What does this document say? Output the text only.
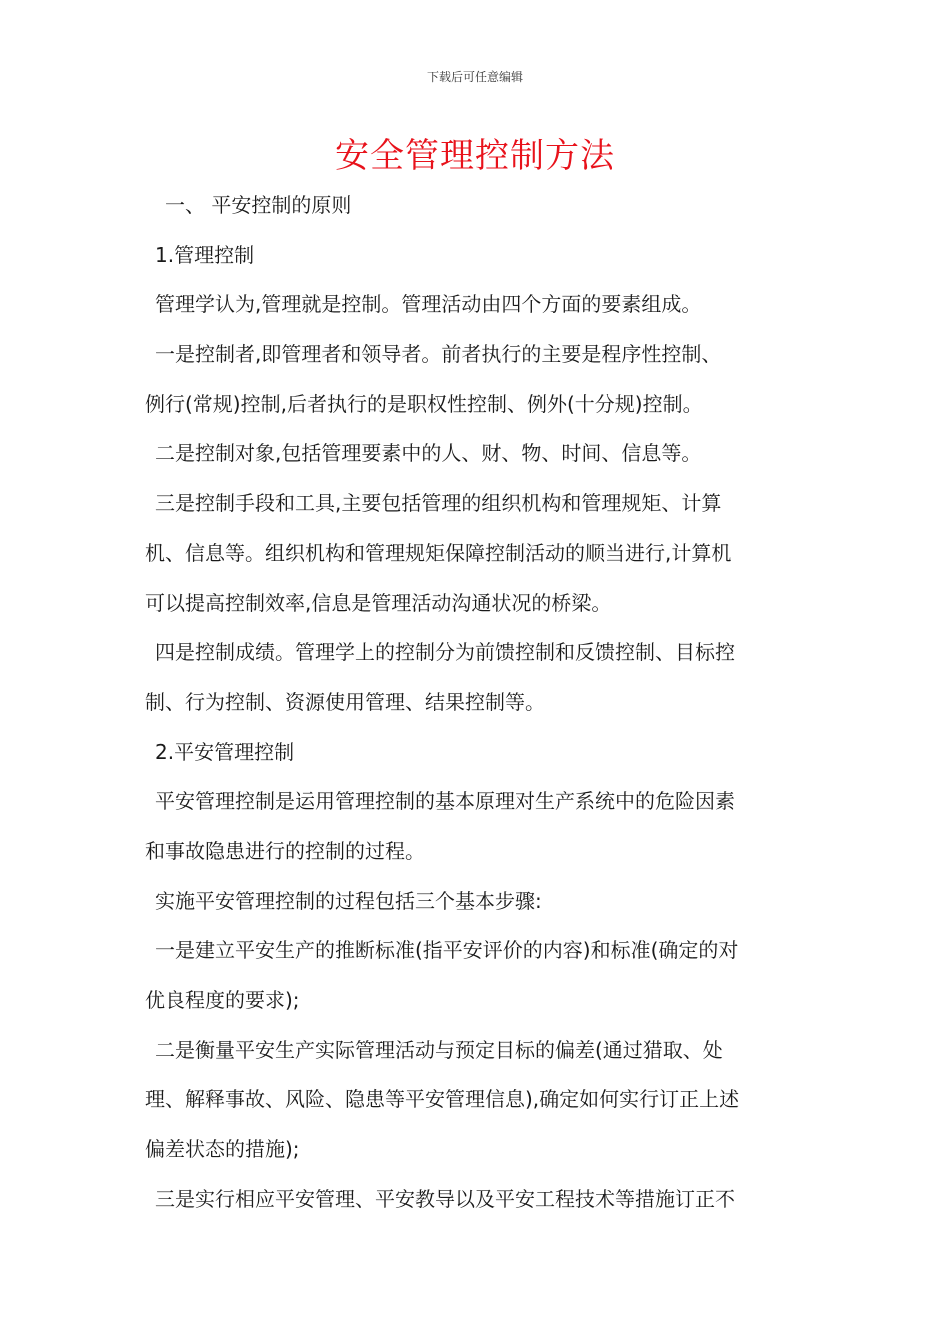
下载后可任意编辑
安全管理控制方法
一、 平安控制的原则
1.管理控制
管理学认为,管理就是控制。管理活动由四个方面的要素组成。
一是控制者,即管理者和领导者。前者执行的主要是程序性控制、
例行(常规)控制,后者执行的是职权性控制、例外(十分规)控制。
二是控制对象,包括管理要素中的人、财、物、时间、信息等。
三是控制手段和工具,主要包括管理的组织机构和管理规矩、计算
机、信息等。组织机构和管理规矩保障控制活动的顺当进行,计算机
可以提高控制效率,信息是管理活动沟通状况的桥梁。
四是控制成绩。管理学上的控制分为前馈控制和反馈控制、目标控
制、行为控制、资源使用管理、结果控制等。
2.平安管理控制
平安管理控制是运用管理控制的基本原理对生产系统中的危险因素
和事故隐患进行的控制的过程。
实施平安管理控制的过程包括三个基本步骤:
一是建立平安生产的推断标准(指平安评价的内容)和标准(确定的对
优良程度的要求);
二是衡量平安生产实际管理活动与预定目标的偏差(通过猎取、处
理、解释事故、风险、隐患等平安管理信息),确定如何实行订正上述
偏差状态的措施);
三是实行相应平安管理、平安教导以及平安工程技术等措施订正不
